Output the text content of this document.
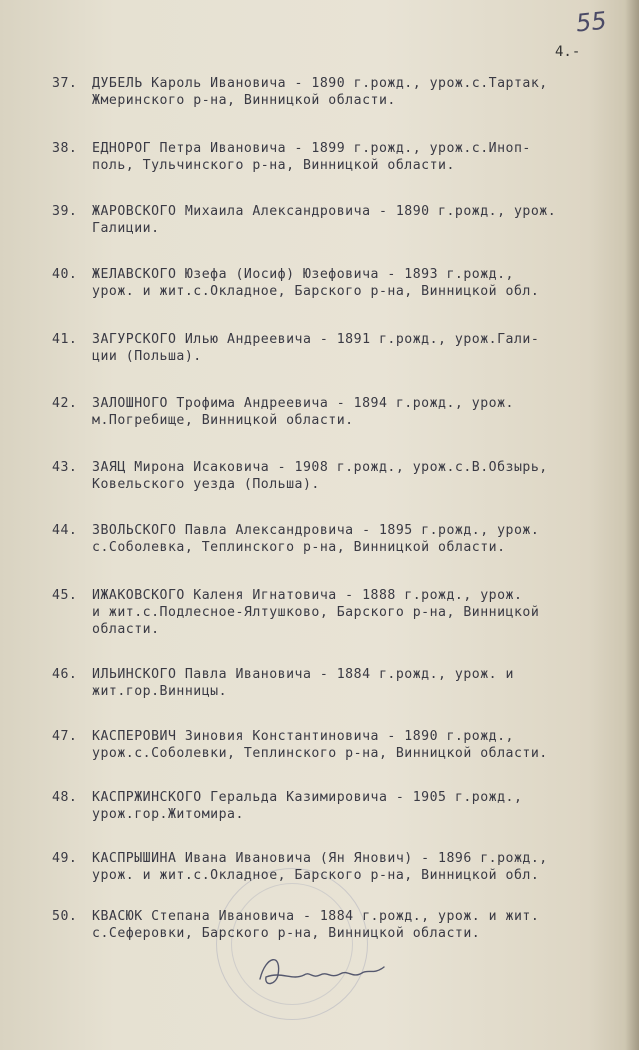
55
4.-
37.	ДУБЕЛЬ Кароль Ивановича - 1890 г.рожд., урож.с.Тартак,
Жмеринского р-на, Винницкой области.
38.	ЕДНОРОГ Петра Ивановича - 1899 г.рожд., урож.с.Иноп-
поль, Тульчинского р-на, Винницкой области.
39.	ЖАРОВСКОГО Михаила Александровича - 1890 г.рожд., урож.
Галиции.
40.	ЖЕЛАВСКОГО Юзефа (Иосиф) Юзефовича - 1893 г.рожд.,
урож. и жит.с.Окладное, Барского р-на, Винницкой обл.
41.	ЗАГУРСКОГО Илью Андреевича - 1891 г.рожд., урож.Гали-
ции (Польша).
42.	ЗАЛОШНОГО Трофима Андреевича - 1894 г.рожд., урож.
м.Погребище, Винницкой области.
43.	ЗАЯЦ Мирона Исаковича - 1908 г.рожд., урож.с.В.Обзырь,
Ковельского уезда (Польша).
44.	ЗВОЛЬСКОГО Павла Александровича - 1895 г.рожд., урож.
с.Соболевка, Теплинского р-на, Винницкой области.
45.	ИЖАКОВСКОГО Каленя Игнатовича - 1888 г.рожд., урож.
и жит.с.Подлесное-Ялтушково, Барского р-на, Винницкой
области.
46.	ИЛЬИНСКОГО Павла Ивановича - 1884 г.рожд., урож. и
жит.гор.Винницы.
47.	КАСПЕРОВИЧ Зиновия Константиновича - 1890 г.рожд.,
урож.с.Соболевки, Теплинского р-на, Винницкой области.
48.	КАСПРЖИНСКОГО Геральда Казимировича - 1905 г.рожд.,
урож.гор.Житомира.
49.	КАСПРЫШИНА Ивана Ивановича (Ян Янович) - 1896 г.рожд.,
урож. и жит.с.Окладное, Барского р-на, Винницкой обл.
50.	КВАСЮК Степана Ивановича - 1884 г.рожд., урож. и жит.
с.Сеферовки, Барского р-на, Винницкой области.
